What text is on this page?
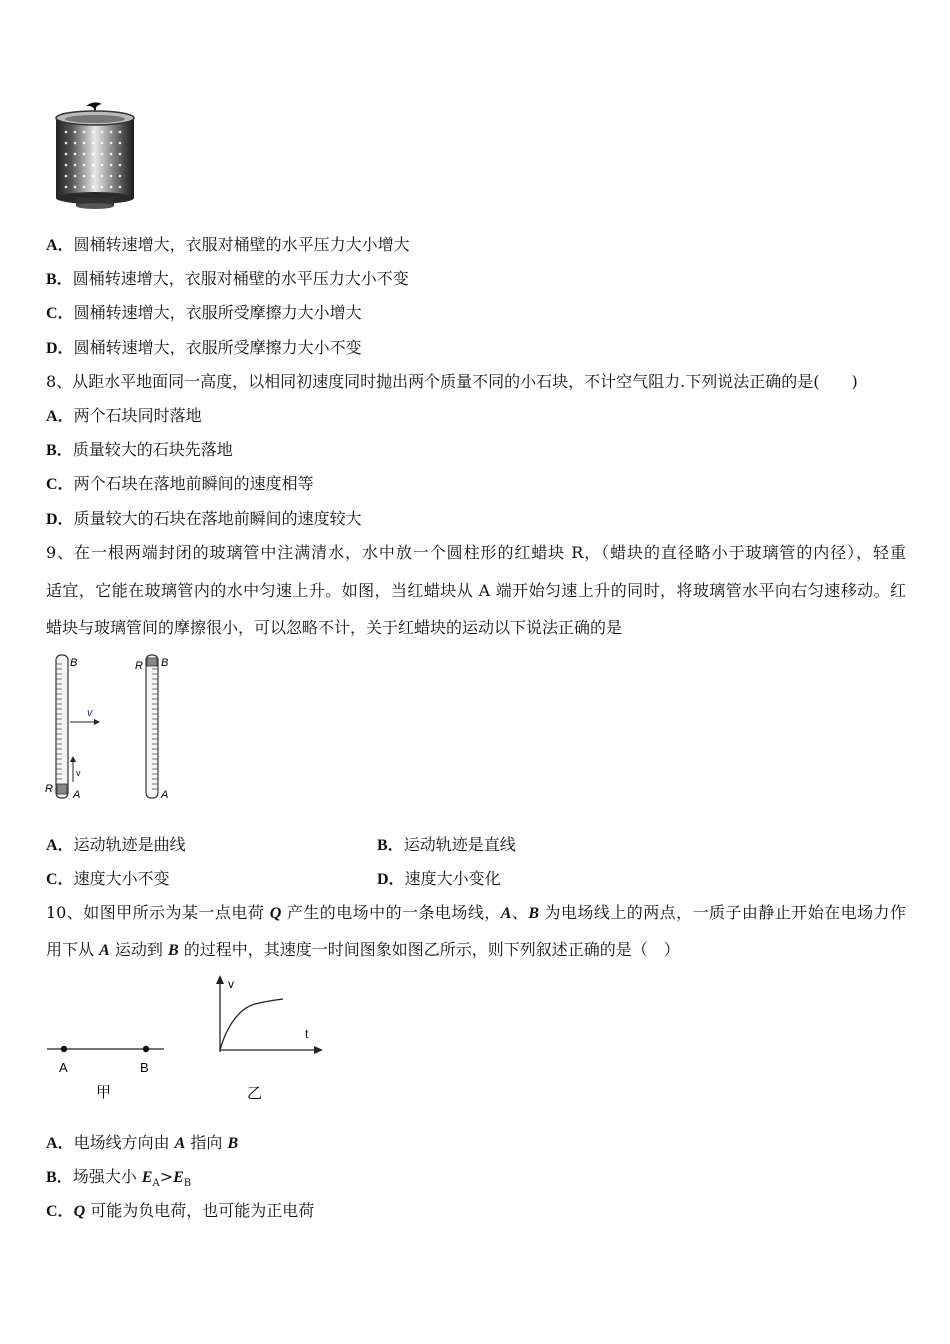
A．圆桶转速增大，衣服对桶壁的水平压力大小增大
B．圆桶转速增大，衣服对桶壁的水平压力大小不变
C．圆桶转速增大，衣服所受摩擦力大小增大
D．圆桶转速增大，衣服所受摩擦力大小不变
8、从距水平地面同一高度，以相同初速度同时抛出两个质量不同的小石块，不计空气阻力.下列说法正确的是(　　)
A．两个石块同时落地
B．质量较大的石块先落地
C．两个石块在落地前瞬间的速度相等
D．质量较大的石块在落地前瞬间的速度较大
9、在一根两端封闭的玻璃管中注满清水，水中放一个圆柱形的红蜡块 R，（蜡块的直径略小于玻璃管的内径），轻重
适宜，它能在玻璃管内的水中匀速上升。如图，当红蜡块从 A 端开始匀速上升的同时，将玻璃管水平向右匀速移动。红
蜡块与玻璃管间的摩擦很小，可以忽略不计，关于红蜡块的运动以下说法正确的是
B
A
R
v
v
B
A
R
A．运动轨迹是曲线	B．运动轨迹是直线
C．速度大小不变	D．速度大小变化
10、如图甲所示为某一点电荷 Q 产生的电场中的一条电场线，A、B 为电场线上的两点，一质子由静止开始在电场力作
用下从 A 运动到 B 的过程中，其速度一时间图象如图乙所示，则下列叙述正确的是（　）
A	B
甲
v
t
乙
A．电场线方向由 A 指向 B
B．场强大小 $E_A>E_B$
C．Q 可能为负电荷，也可能为正电荷
